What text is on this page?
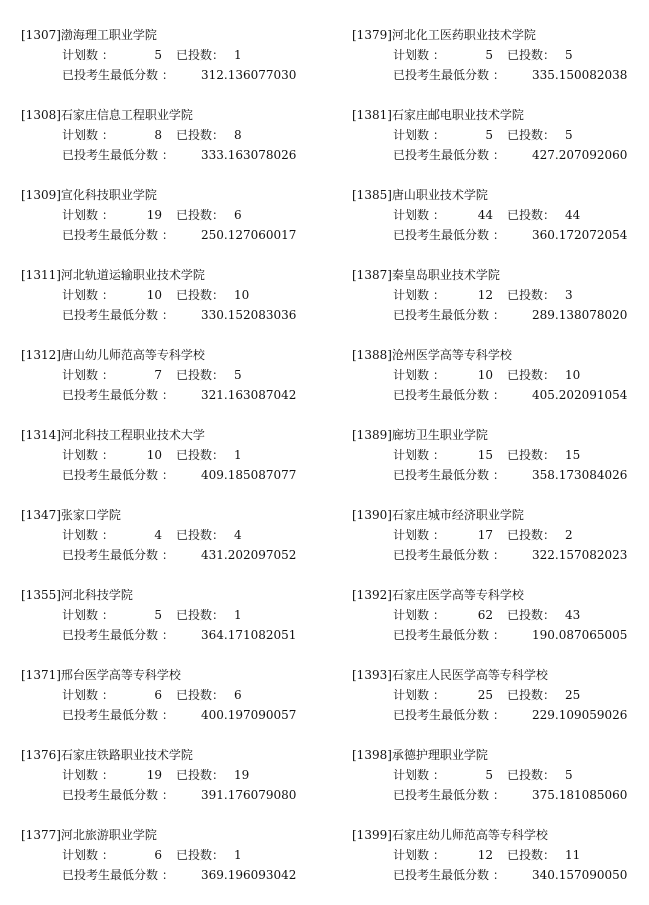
[1307]渤海理工职业学院
计划数 ：	5 已投数： 1
已投考生最低分数 ： 312.136077030
[1308]石家庄信息工程职业学院
计划数 ：	8 已投数： 8
已投考生最低分数 ： 333.163078026
[1309]宣化科技职业学院
计划数 ：	19 已投数： 6
已投考生最低分数 ： 250.127060017
[1311]河北轨道运输职业技术学院
计划数 ：	10 已投数： 10
已投考生最低分数 ： 330.152083036
[1312]唐山幼儿师范高等专科学校
计划数 ：	7 已投数： 5
已投考生最低分数 ： 321.163087042
[1314]河北科技工程职业技术大学
计划数 ：	10 已投数： 1
已投考生最低分数 ： 409.185087077
[1347]张家口学院
计划数 ：	4 已投数： 4
已投考生最低分数 ： 431.202097052
[1355]河北科技学院
计划数 ：	5 已投数： 1
已投考生最低分数 ： 364.171082051
[1371]邢台医学高等专科学校
计划数 ：	6 已投数： 6
已投考生最低分数 ： 400.197090057
[1376]石家庄铁路职业技术学院
计划数 ：	19 已投数： 19
已投考生最低分数 ： 391.176079080
[1377]河北旅游职业学院
计划数 ：	6 已投数： 1
已投考生最低分数 ： 369.196093042
[1379]河北化工医药职业技术学院
计划数 ：	5 已投数： 5
已投考生最低分数 ： 335.150082038
[1381]石家庄邮电职业技术学院
计划数 ：	5 已投数： 5
已投考生最低分数 ： 427.207092060
[1385]唐山职业技术学院
计划数 ：	44 已投数： 44
已投考生最低分数 ： 360.172072054
[1387]秦皇岛职业技术学院
计划数 ：	12 已投数： 3
已投考生最低分数 ： 289.138078020
[1388]沧州医学高等专科学校
计划数 ：	10 已投数： 10
已投考生最低分数 ： 405.202091054
[1389]廊坊卫生职业学院
计划数 ：	15 已投数： 15
已投考生最低分数 ： 358.173084026
[1390]石家庄城市经济职业学院
计划数 ：	17 已投数： 2
已投考生最低分数 ： 322.157082023
[1392]石家庄医学高等专科学校
计划数 ：	62 已投数： 43
已投考生最低分数 ： 190.087065005
[1393]石家庄人民医学高等专科学校
计划数 ：	25 已投数： 25
已投考生最低分数 ： 229.109059026
[1398]承德护理职业学院
计划数 ：	5 已投数： 5
已投考生最低分数 ： 375.181085060
[1399]石家庄幼儿师范高等专科学校
计划数 ：	12 已投数： 11
已投考生最低分数 ： 340.157090050
